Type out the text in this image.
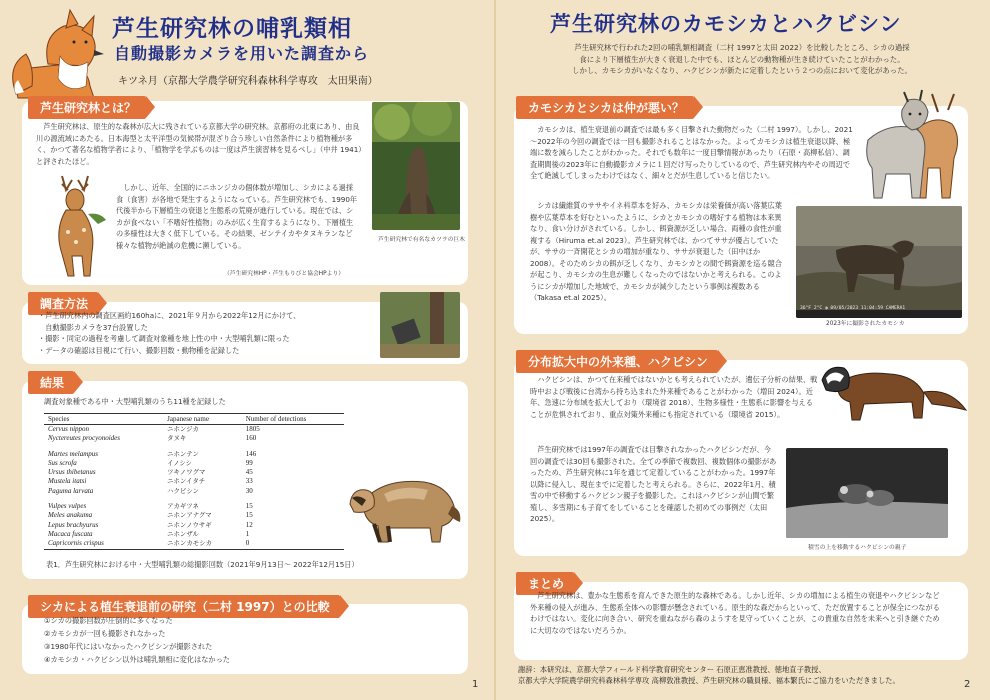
芦生研究林の哺乳類相
自動撮影カメラを用いた調査から
キツネ月（京都大学農学研究科森林科学専攻　太田果南）
芦生研究林とは？

芦生研究林は、原生的な森林が広大に残されている京都大学の研究林。京都府の北東にあり、由良川の源流域にあたる。日本海型と太平洋型の気候帯が混ざり合う珍しい自然条件により植物種が多く、かつて著名な植物学者により、「植物学を学ぶものは一度は芦生演習林を見るべし」（中井 1941）と評されたほど。

芦生研究林で有名なカツラの巨木

しかし、近年、全国的にニホンジカの個体数が増加し、シカによる過採食（食害）が各地で発生するようになっている。芦生研究林でも、1990年代後半から下層植生の衰退と生態系の荒廃が進行している。現在では、シカが食べない「不嗜好性植物」のみが広く生育するようになり、下層植生の多様性は大きく低下している。その結果、ゼンテイカやタヌキランなど様々な植物が絶滅の危機に瀕している。

（芦生研究林HP・芦生もりびと協会HPより）
調査方法
・芦生研究林内の調査区画約160haに、2021年９月から2022年12月にかけて、
　自動撮影カメラを37台設置した
・撮影・同定の過程を考慮して調査対象種を地上性の中・大型哺乳類に限った
・データの確認は目視にて行い、撮影回数・動物種を記録した
結果
調査対象種である中・大型哺乳類のうち11種を記録した
Species	Japanese name	Number of detections
Cervus nippon	ニホンジカ	1805
Nyctereutes procyonoides	タヌキ	160
Martes melampus	ニホンテン	146
Sus scrofa	イノシシ	99
Ursus thibetanus	ツキノワグマ	45
Mustela itatsi	ニホンイタチ	33
Paguma larvata	ハクビシン	30
Vulpes vulpes	アカギツネ	15
Meles anakuma	ニホンアナグマ	15
Lepus brachyurus	ニホンノウサギ	12
Macaca fuscata	ニホンザル	1
Capricornis crispus	ニホンカモシカ	0
表1．芦生研究林における中・大型哺乳類の総撮影回数（2021年9月13日～ 2022年12月15日）
シカによる植生衰退前の研究（二村 1997）との比較
①シカの撮影回数が圧倒的に多くなった
②カモシカが一回も撮影されなかった
③1980年代にはいなかったハクビシンが撮影された
④カモシカ・ハクビシン以外は哺乳類相に変化はなかった
1
芦生研究林のカモシカとハクビシン
芦生研究林で行われた2回の哺乳類相調査（二村 1997と太田 2022）を比較したところ、シカの過採
食により下層植生が大きく衰退した中でも、ほとんどの動物種が生き続けていたことがわかった。
しかし、カモシカがいなくなり、ハクビシンが新たに定着したという２つの点において変化があった。
カモシカとシカは仲が悪い？

カモシカは、植生衰退前の調査では最も多く目撃された動物だった（二村 1997）。しかし、2021～2022年の今回の調査では一回も撮影されることはなかった。よってカモシカは植生衰退以降、極端に数を減らしたことがわかった。それでも数年に一度目撃情報があったり（石原・高柳私信）、調査期間後の2023年に自動撮影カメラに１回だけ写ったりしているので、芦生研究林内やその周辺で全て絶滅してしまったわけではなく、細々とだが生息していると信じたい。

シカは繊維質のササやイネ科草本を好み、カモシカは栄養価が高い落葉広葉樹や広葉草本を好むといったように、シカとカモシカの嗜好する植物は本来異なり、食い分けがされている。しかし、餌資源が乏しい場合、両種の食性が重複する（Hiruma et.al 2023）。芦生研究林では、かつてササが優占していたが、ササの一斉開花とシカの増加が重なり、ササが衰退した（田中ほか 2008）。そのためシカの餌が乏しくなり、カモシカとの間で餌資源を巡る競合が起こり、カモシカの生息が難しくなったのではないかと考えられる。このようにシカが増加した地域で、カモシカが減少したという事例は複数ある（Takasa et.al 2025）。

36°F 2°C ◑ 09/05/2023 11:04:59 CAMERA1
2023年に撮影されたカモシカ
分布拡大中の外来種、ハクビシン

ハクビシンは、かつて在来種ではないかとも考えられていたが、遺伝子分析の結果、戦時中および戦後に台湾から持ち込まれた外来種であることがわかった（増田 2024）。近年、急速に分布域を拡大しており（環境省 2018）、生物多様性・生態系に影響を与えることが危惧されており、重点対策外来種にも指定されている（環境省 2015）。

芦生研究林では1997年の調査では目撃されなかったハクビシンだが、今回の調査では30回も撮影された。全ての季節で複数回、複数個体の撮影があったため、芦生研究林に1年を通じて定着していることがわかった。1997年以降に侵入し、現在までに定着したと考えられる。さらに、2022年1月、積雪の中で移動するハクビシン親子を撮影した。これはハクビシンが山間で繁殖し、多雪期にも子育てをしていることを確認した初めての事例だ（太田 2025）。

積雪の上を移動するハクビシンの親子
まとめ

芦生研究林は、豊かな生態系を育んできた原生的な森林である。しかし近年、シカの増加による植生の衰退やハクビシンなど外来種の侵入が進み、生態系全体への影響が懸念されている。原生的な森だからといって、ただ放置することが保全につながるわけではない。変化に向き合い、研究を重ねながら森のようすを見守っていくことが、この貴重な自然を未来へと引き継ぐために大切なのではないだろうか。

謝辞：本研究は、京都大学フィールド科学教育研究センター 石原正恵准教授、徳地直子教授、
京都大学大学院農学研究科森林科学専攻 高柳敦准教授、芦生研究林の職員様、福本繁氏にご協力をいただきました。	2
